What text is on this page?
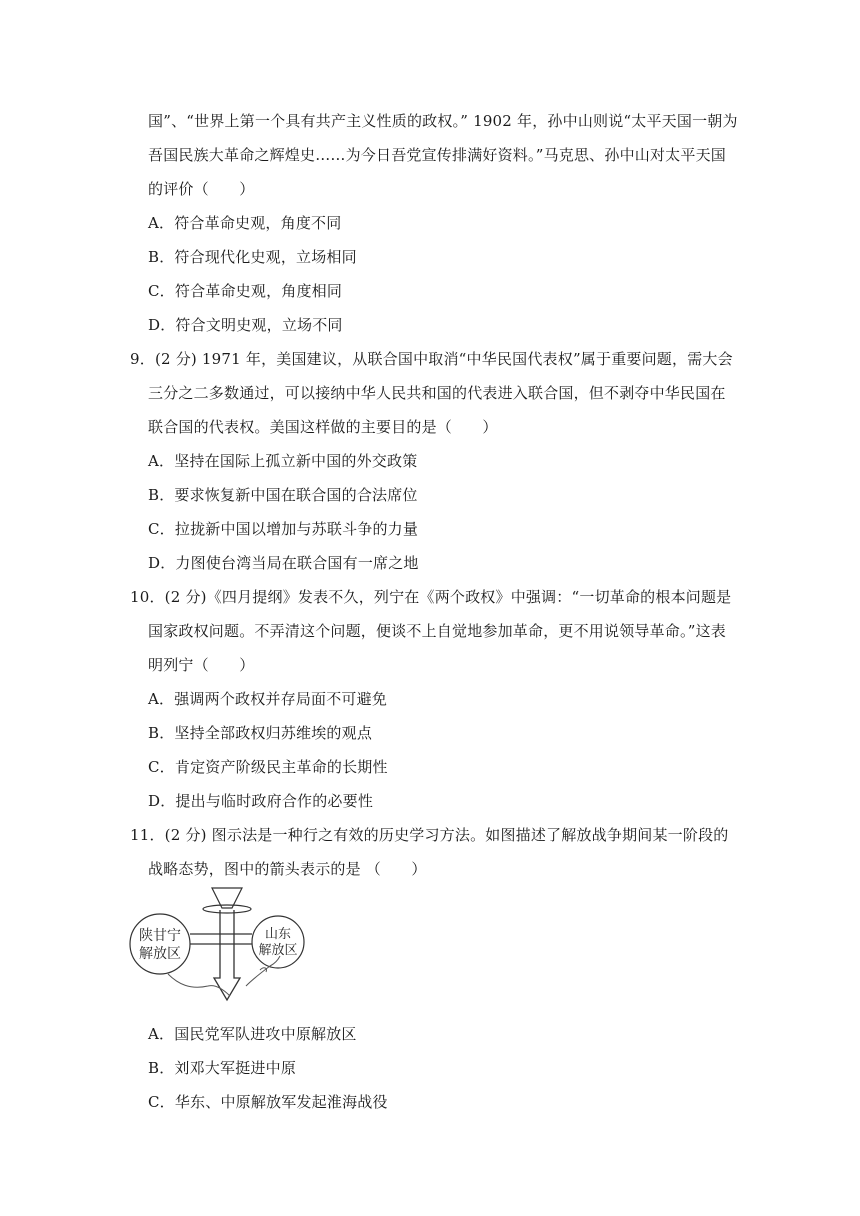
国”、“世界上第一个具有共产主义性质的政权。” 1902 年，孙中山则说“太平天国一朝为
吾国民族大革命之辉煌史……为今日吾党宣传排满好资料。”马克思、孙中山对太平天国
的评价（　　）
A．符合革命史观，角度不同
B．符合现代化史观，立场相同
C．符合革命史观，角度相同
D．符合文明史观，立场不同
9．(2 分) 1971 年，美国建议，从联合国中取消“中华民国代表权”属于重要问题，需大会
三分之二多数通过，可以接纳中华人民共和国的代表进入联合国，但不剥夺中华民国在
联合国的代表权。美国这样做的主要目的是（　　）
A．坚持在国际上孤立新中国的外交政策
B．要求恢复新中国在联合国的合法席位
C．拉拢新中国以增加与苏联斗争的力量
D．力图使台湾当局在联合国有一席之地
10．(2 分)《四月提纲》发表不久，列宁在《两个政权》中强调：“一切革命的根本问题是
国家政权问题。不弄清这个问题，便谈不上自觉地参加革命，更不用说领导革命。”这表
明列宁（　　）
A．强调两个政权并存局面不可避免
B．坚持全部政权归苏维埃的观点
C．肯定资产阶级民主革命的长期性
D．提出与临时政府合作的必要性
11．(2 分) 图示法是一种行之有效的历史学习方法。如图描述了解放战争期间某一阶段的
战略态势，图中的箭头表示的是 （　　）
陕甘宁
解放区
山东
解放区
A．国民党军队进攻中原解放区
B．刘邓大军挺进中原
C．华东、中原解放军发起淮海战役
